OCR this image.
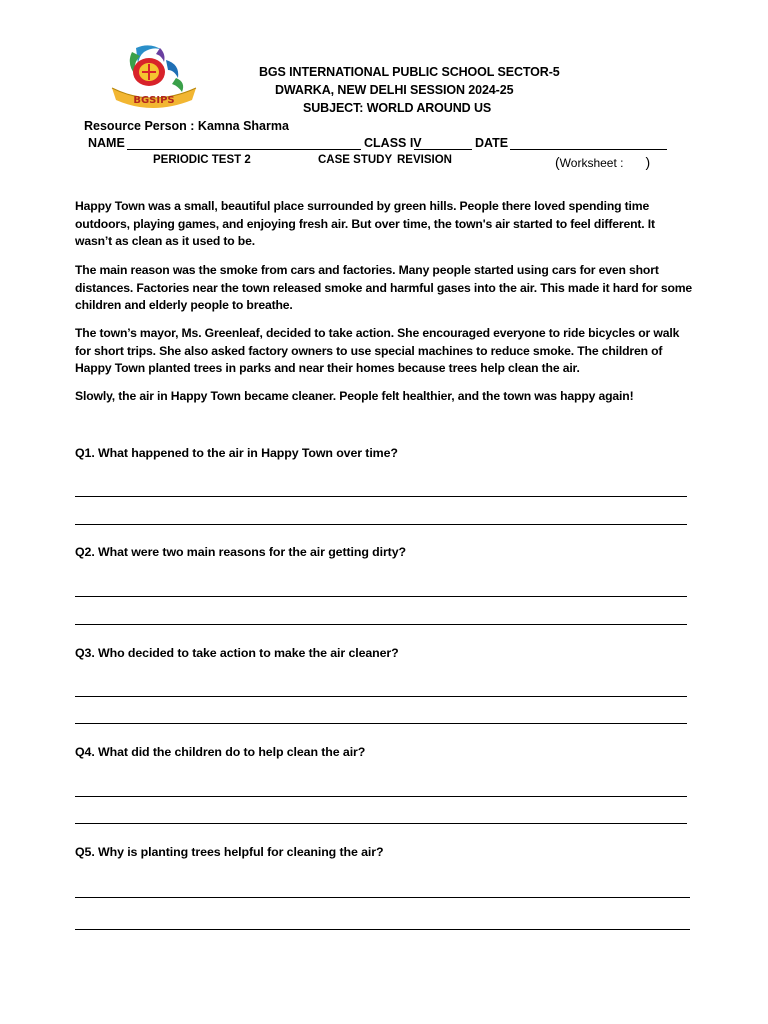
BGSIPS
BGS INTERNATIONAL PUBLIC SCHOOL SECTOR-5
DWARKA, NEW DELHI SESSION 2024-25
SUBJECT: WORLD AROUND US
Resource Person : Kamna Sharma
NAME	CLASS IV	DATE
PERIODIC TEST 2	CASE STUDY REVISION	(Worksheet : )
Happy Town was a small, beautiful place surrounded by green hills. People there loved spending time outdoors, playing games, and enjoying fresh air. But over time, the town's air started to feel different. It wasn’t as clean as it used to be.
The main reason was the smoke from cars and factories. Many people started using cars for even short distances. Factories near the town released smoke and harmful gases into the air. This made it hard for some children and elderly people to breathe.
The town’s mayor, Ms. Greenleaf, decided to take action. She encouraged everyone to ride bicycles or walk for short trips. She also asked factory owners to use special machines to reduce smoke. The children of Happy Town planted trees in parks and near their homes because trees help clean the air.
Slowly, the air in Happy Town became cleaner. People felt healthier, and the town was happy again!
Q1. What happened to the air in Happy Town over time?
Q2. What were two main reasons for the air getting dirty?
Q3. Who decided to take action to make the air cleaner?
Q4. What did the children do to help clean the air?
Q5. Why is planting trees helpful for cleaning the air?
